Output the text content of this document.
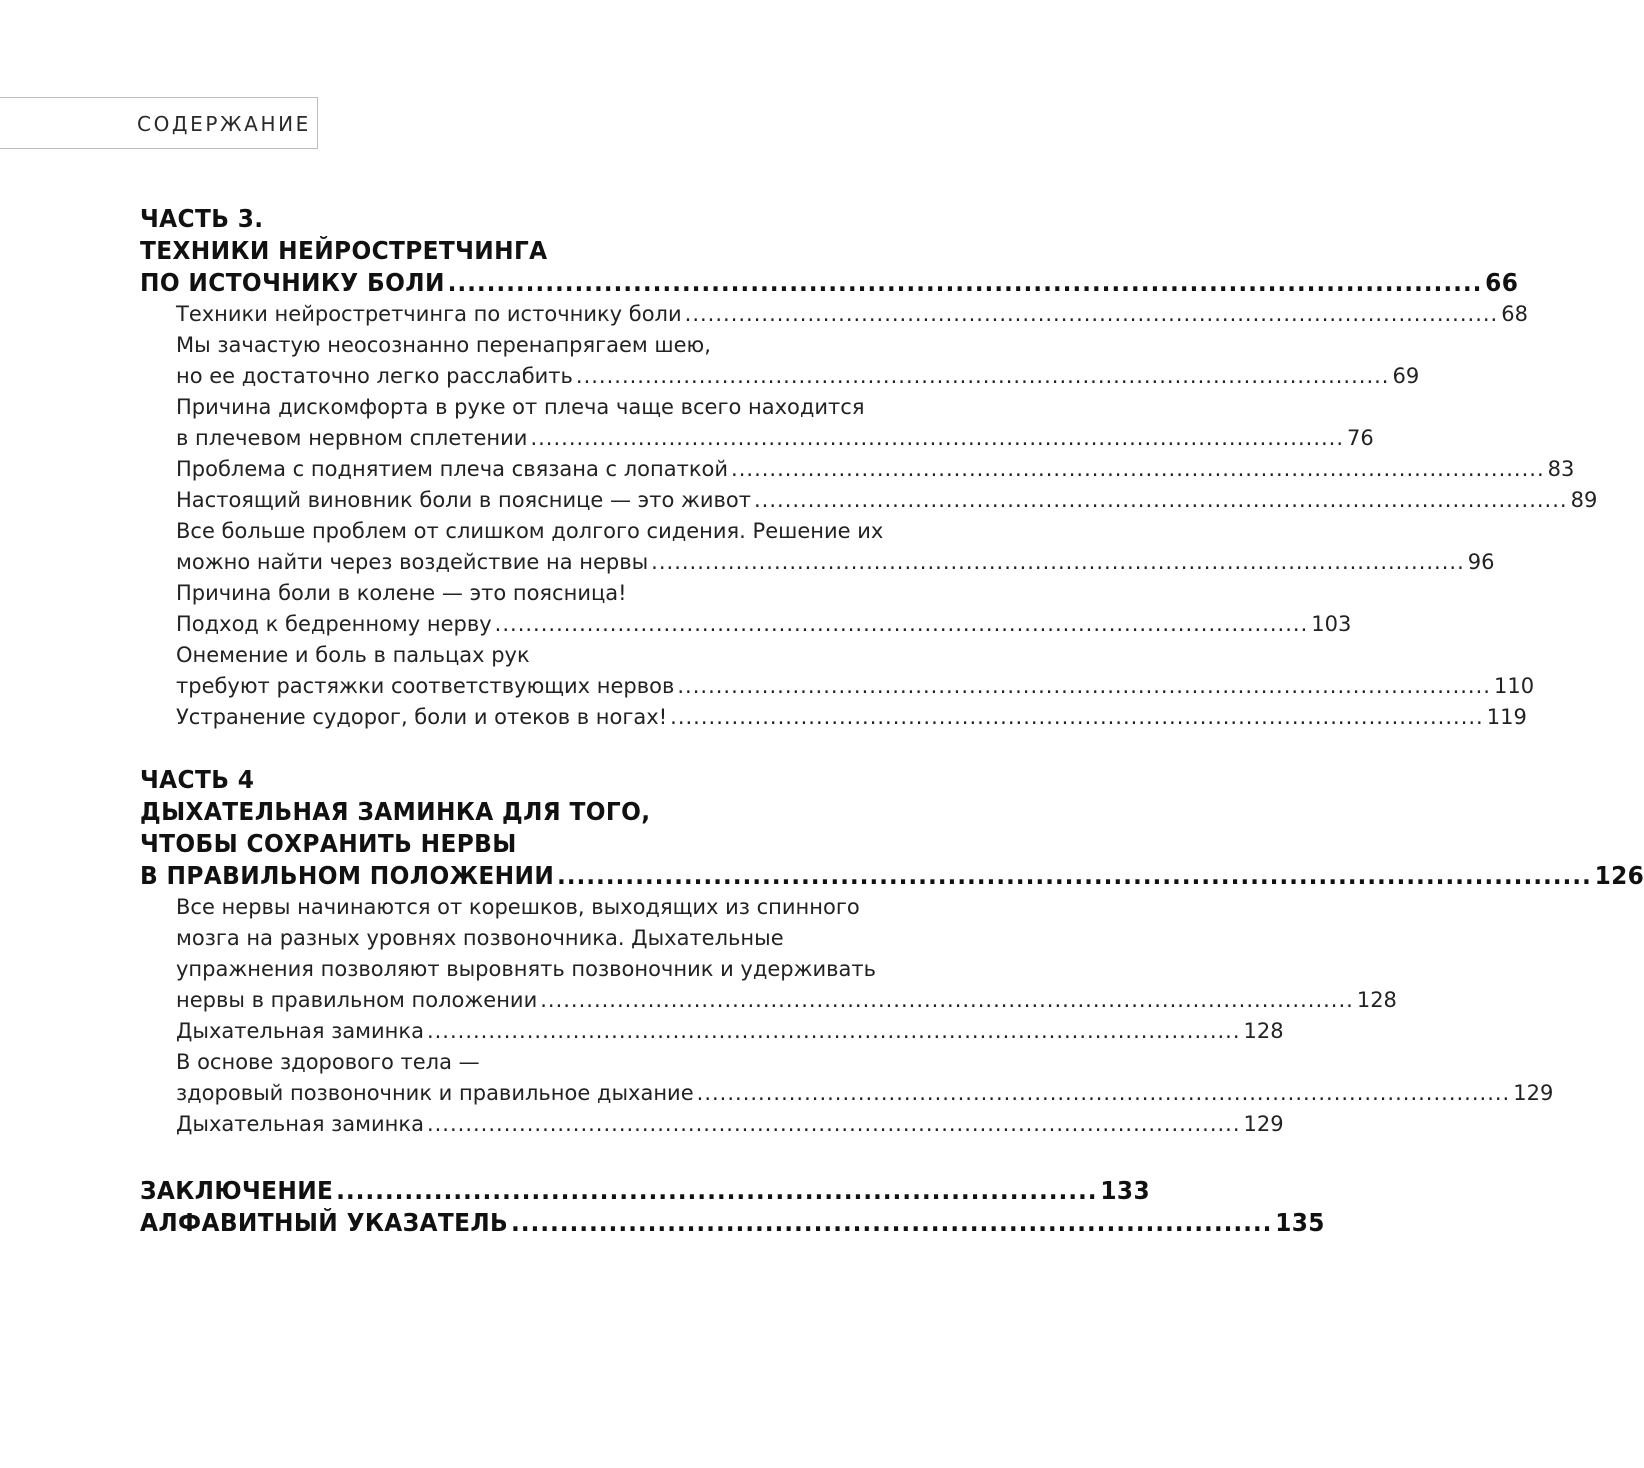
СОДЕРЖАНИЕ
ЧАСТЬ 3.
ТЕХНИКИ НЕЙРОСТРЕТЧИНГА
ПО ИСТОЧНИКУ БОЛИ .......................................................................................................... 66
Техники нейростретчинга по источнику боли .......................................................................................................... 68
Мы зачастую неосознанно перенапрягаем шею,
но ее достаточно легко расслабить .......................................................................................................... 69
Причина дискомфорта в руке от плеча чаще всего находится
в плечевом нервном сплетении .......................................................................................................... 76
Проблема с поднятием плеча связана с лопаткой .......................................................................................................... 83
Настоящий виновник боли в пояснице — это живот .......................................................................................................... 89
Все больше проблем от слишком долгого сидения. Решение их
можно найти через воздействие на нервы .......................................................................................................... 96
Причина боли в колене — это поясница!
Подход к бедренному нерву .......................................................................................................... 103
Онемение и боль в пальцах рук
требуют растяжки соответствующих нервов .......................................................................................................... 110
Устранение судорог, боли и отеков в ногах! .......................................................................................................... 119
ЧАСТЬ 4
ДЫХАТЕЛЬНАЯ ЗАМИНКА ДЛЯ ТОГО,
ЧТОБЫ СОХРАНИТЬ НЕРВЫ
В ПРАВИЛЬНОМ ПОЛОЖЕНИИ .......................................................................................................... 126
Все нервы начинаются от корешков, выходящих из спинного
мозга на разных уровнях позвоночника. Дыхательные
упражнения позволяют выровнять позвоночник и удерживать
нервы в правильном положении .......................................................................................................... 128
Дыхательная заминка .......................................................................................................... 128
В основе здорового тела —
здоровый позвоночник и правильное дыхание .......................................................................................................... 129
Дыхательная заминка .......................................................................................................... 129
ЗАКЛЮЧЕНИЕ .............................................................................. 133
АЛФАВИТНЫЙ УКАЗАТЕЛЬ .............................................................................. 135
